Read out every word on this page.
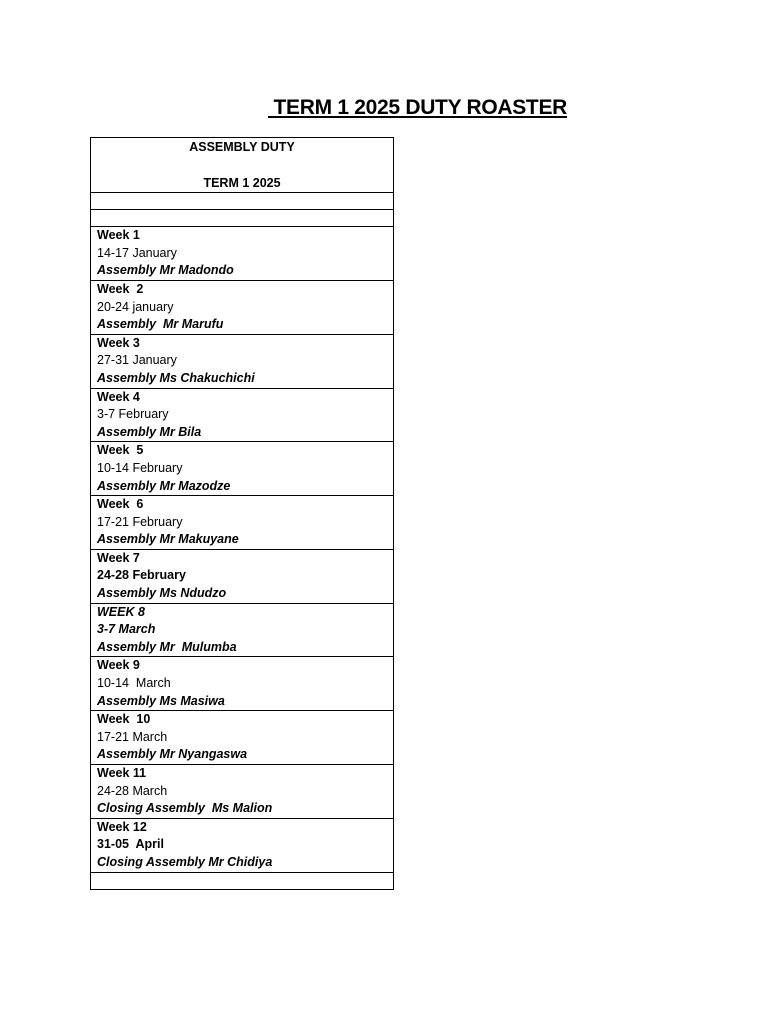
TERM 1 2025 DUTY ROASTER
ASSEMBLY DUTY
TERM 1 2025

Week 1
14-17 January
Assembly Mr Madondo

Week  2
20-24 january
Assembly  Mr Marufu

Week 3
27-31 January
Assembly Ms Chakuchichi

Week 4
3-7 February
Assembly Mr Bila

Week  5
10-14 February
Assembly Mr Mazodze

Week  6
17-21 February
Assembly Mr Makuyane

Week 7
24-28 February
Assembly Ms Ndudzo

WEEK 8
3-7 March
Assembly Mr  Mulumba

Week 9
10-14  March
Assembly Ms Masiwa

Week  10
17-21 March
Assembly Mr Nyangaswa

Week 11
24-28 March
Closing Assembly  Ms Malion

Week 12
31-05  April
Closing Assembly Mr Chidiya
